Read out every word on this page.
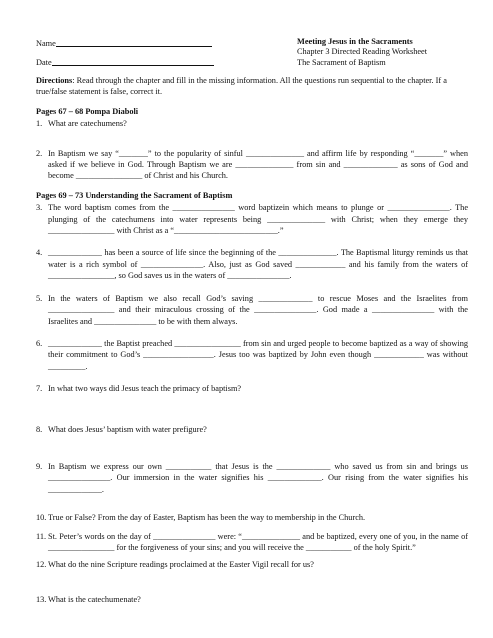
Name
Date
Meeting Jesus in the Sacraments
Chapter 3 Directed Reading Worksheet
The Sacrament of Baptism

Directions: Read through the chapter and fill in the missing information. All the questions run sequential to the chapter. If a true/false statement is false, correct it.

Pages 67 – 68 Pompa Diaboli
1. What are catechumens?
2. In Baptism we say “_______” to the popularity of sinful ______________ and affirm life by responding “_______” when asked if we believe in God. Through Baptism we are ______________ from sin and _____________ as sons of God and become ________________ of Christ and his Church.
Pages 69 – 73 Understanding the Sacrament of Baptism
3. The word baptism comes from the _______________ word baptizein which means to plunge or _______________. The plunging of the catechumens into water represents being ______________ with Christ; when they emerge they ________________ with Christ as a “_________________________.”
4. _____________ has been a source of life since the beginning of the ______________. The Baptismal liturgy reminds us that water is a rich symbol of _______________. Also, just as God saved ____________ and his family from the waters of ________________, so God saves us in the waters of _______________.
5. In the waters of Baptism we also recall God’s saving _____________ to rescue Moses and the Israelites from ________________ and their miraculous crossing of the _______________. God made a _______________ with the Israelites and _______________ to be with them always.
6. _____________ the Baptist preached ________________ from sin and urged people to become baptized as a way of showing their commitment to God’s _________________. Jesus too was baptized by John even though ____________ was without _________.
7. In what two ways did Jesus teach the primacy of baptism?
8. What does Jesus’ baptism with water prefigure?
9. In Baptism we express our own ___________ that Jesus is the _____________ who saved us from sin and brings us _______________. Our immersion in the water signifies his _____________. Our rising from the water signifies his _____________.
10. True or False? From the day of Easter, Baptism has been the way to membership in the Church.
11. St. Peter’s words on the day of _______________ were: “______________ and be baptized, every one of you, in the name of ________________ for the forgiveness of your sins; and you will receive the ___________ of the holy Spirit.”
12. What do the nine Scripture readings proclaimed at the Easter Vigil recall for us?
13. What is the catechumenate?
